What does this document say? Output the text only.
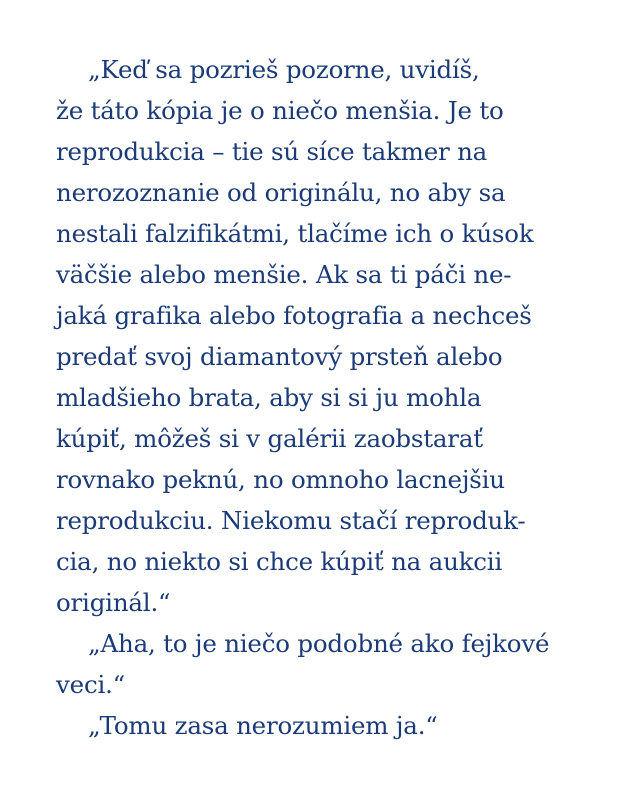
„Keď sa pozrieš pozorne, uvidíš,

že táto kópia je o niečo menšia. Je to

reprodukcia – tie sú síce takmer na

nerozoznanie od originálu, no aby sa

nestali falzifikátmi, tlačíme ich o kúsok

väčšie alebo menšie. Ak sa ti páči ne-

jaká grafika alebo fotografia a nechceš

predať svoj diamantový prsteň alebo

mladšieho brata, aby si si ju mohla

kúpiť, môžeš si v galérii zaobstarať

rovnako peknú, no omnoho lacnejšiu

reprodukciu. Niekomu stačí reproduk-

cia, no niekto si chce kúpiť na aukcii

originál.“

„Aha, to je niečo podobné ako fejkové

veci.“

„Tomu zasa nerozumiem ja.“
